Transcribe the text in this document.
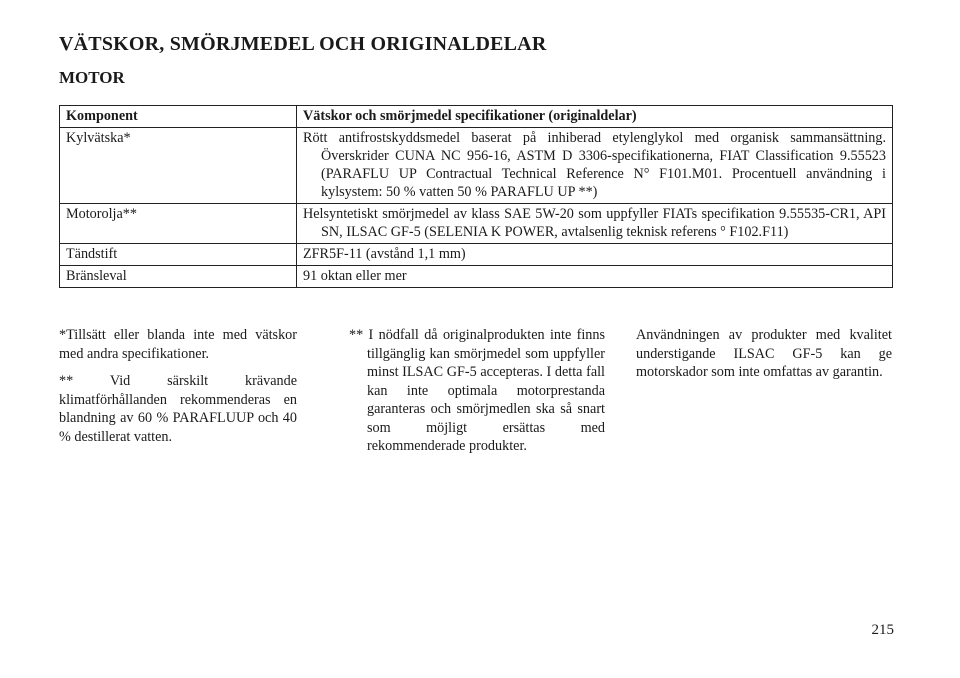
VÄTSKOR, SMÖRJMEDEL OCH ORIGINALDELAR
MOTOR
Komponent	Vätskor och smörjmedel specifikationer (originaldelar)
Kylvätska*	Rött antifrostskyddsmedel baserat på inhiberad etylenglykol med organisk sammansättning. Överskrider CUNA NC 956-16, ASTM D 3306-specifikationerna, FIAT Classification 9.55523 (PARAFLU UP Contractual Technical Reference N° F101.M01. Procentuell användning i kylsystem: 50 % vatten 50 % PARAFLU UP **)

Motorolja**	Helsyntetiskt smörjmedel av klass SAE 5W-20 som uppfyller FIATs specifikation 9.55535-CR1, API SN, ILSAC GF-5 (SELENIA K POWER, avtalsenlig teknisk referens ° F102.F11)

Tändstift	ZFR5F-11 (avstånd 1,1 mm)

Bränsleval	91 oktan eller mer

*Tillsätt eller blanda inte med vätskor med andra specifikationer.

** Vid särskilt krävande klimatförhållanden rekommenderas en blandning av 60 % PARAFLUUP och 40 % destillerat vatten.

** I nödfall då originalprodukten inte finns tillgänglig kan smörjmedel som uppfyller minst ILSAC GF-5 accepteras. I detta fall kan inte optimala motorprestanda garanteras och smörjmedlen ska så snart som möjligt ersättas med rekommenderade produkter.

Användningen av produkter med kvalitet understigande ILSAC GF-5 kan ge motorskador som inte omfattas av garantin.

215
